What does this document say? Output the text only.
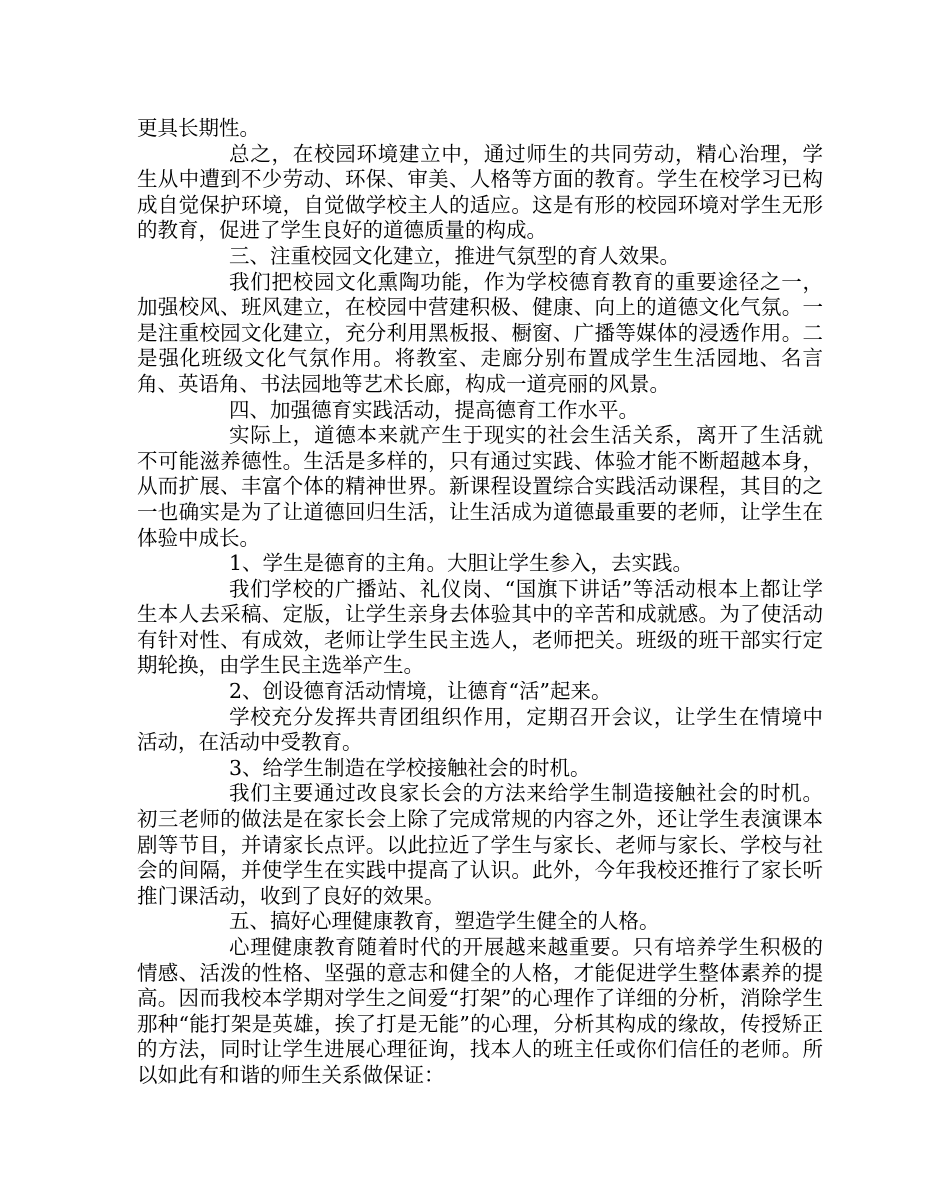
更具长期性。

总之，在校园环境建立中，通过师生的共同劳动，精心治理，学生从中遭到不少劳动、环保、审美、人格等方面的教育。学生在校学习已构成自觉保护环境，自觉做学校主人的适应。这是有形的校园环境对学生无形的教育，促进了学生良好的道德质量的构成。

三、注重校园文化建立，推进气氛型的育人效果。

我们把校园文化熏陶功能，作为学校德育教育的重要途径之一，加强校风、班风建立，在校园中营建积极、健康、向上的道德文化气氛。一是注重校园文化建立，充分利用黑板报、橱窗、广播等媒体的浸透作用。二是强化班级文化气氛作用。将教室、走廊分别布置成学生生活园地、名言角、英语角、书法园地等艺术长廊，构成一道亮丽的风景。

四、加强德育实践活动，提高德育工作水平。

实际上，道德本来就产生于现实的社会生活关系，离开了生活就不可能滋养德性。生活是多样的，只有通过实践、体验才能不断超越本身，从而扩展、丰富个体的精神世界。新课程设置综合实践活动课程，其目的之一也确实是为了让道德回归生活，让生活成为道德最重要的老师，让学生在体验中成长。

1、学生是德育的主角。大胆让学生参入，去实践。

我们学校的广播站、礼仪岗、“国旗下讲话”等活动根本上都让学生本人去采稿、定版，让学生亲身去体验其中的辛苦和成就感。为了使活动有针对性、有成效，老师让学生民主选人，老师把关。班级的班干部实行定期轮换，由学生民主选举产生。

2、创设德育活动情境，让德育“活”起来。

学校充分发挥共青团组织作用，定期召开会议，让学生在情境中活动，在活动中受教育。

3、给学生制造在学校接触社会的时机。

我们主要通过改良家长会的方法来给学生制造接触社会的时机。初三老师的做法是在家长会上除了完成常规的内容之外，还让学生表演课本剧等节目，并请家长点评。以此拉近了学生与家长、老师与家长、学校与社会的间隔，并使学生在实践中提高了认识。此外，今年我校还推行了家长听推门课活动，收到了良好的效果。

五、搞好心理健康教育，塑造学生健全的人格。

心理健康教育随着时代的开展越来越重要。只有培养学生积极的情感、活泼的性格、坚强的意志和健全的人格，才能促进学生整体素养的提高。因而我校本学期对学生之间爱“打架”的心理作了详细的分析，消除学生那种“能打架是英雄，挨了打是无能”的心理，分析其构成的缘故，传授矫正的方法，同时让学生进展心理征询，找本人的班主任或你们信任的老师。所以如此有和谐的师生关系做保证：
